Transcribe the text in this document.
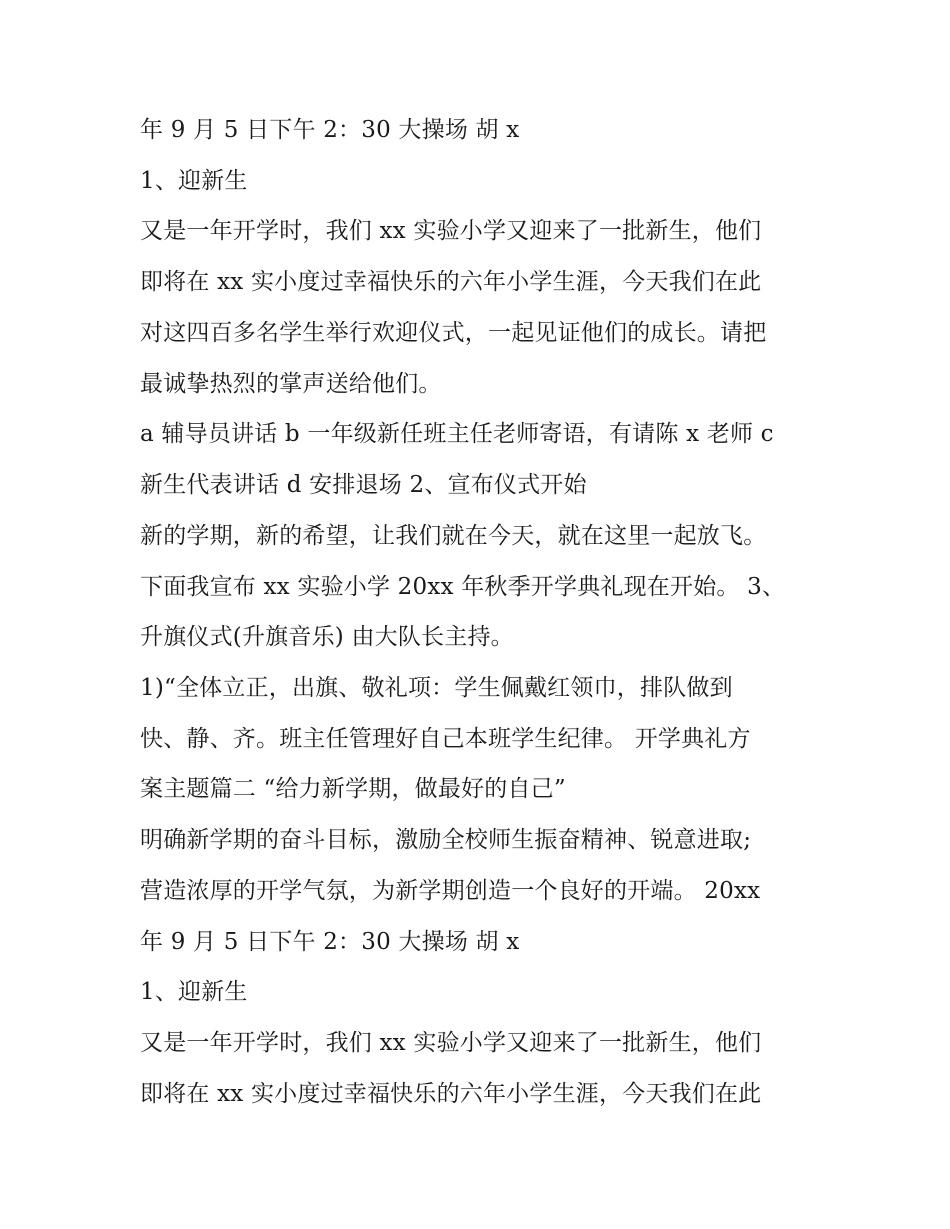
年 9 月 5 日下午 2：30 大操场 胡 x

1、迎新生

又是一年开学时，我们 xx 实验小学又迎来了一批新生，他们

即将在 xx 实小度过幸福快乐的六年小学生涯，今天我们在此

对这四百多名学生举行欢迎仪式，一起见证他们的成长。请把

最诚挚热烈的掌声送给他们。

a 辅导员讲话 b 一年级新任班主任老师寄语，有请陈 x 老师 c

新生代表讲话 d 安排退场 2、宣布仪式开始

新的学期，新的希望，让我们就在今天，就在这里一起放飞。

下面我宣布 xx 实验小学 20xx 年秋季开学典礼现在开始。 3、

升旗仪式(升旗音乐) 由大队长主持。

1)“全体立正，出旗、敬礼项：学生佩戴红领巾，排队做到

快、静、齐。班主任管理好自己本班学生纪律。 开学典礼方

案主题篇二 “给力新学期，做最好的自己”

明确新学期的奋斗目标，激励全校师生振奋精神、锐意进取;

营造浓厚的开学气氛，为新学期创造一个良好的开端。 20xx

年 9 月 5 日下午 2：30 大操场 胡 x

1、迎新生

又是一年开学时，我们 xx 实验小学又迎来了一批新生，他们

即将在 xx 实小度过幸福快乐的六年小学生涯，今天我们在此
